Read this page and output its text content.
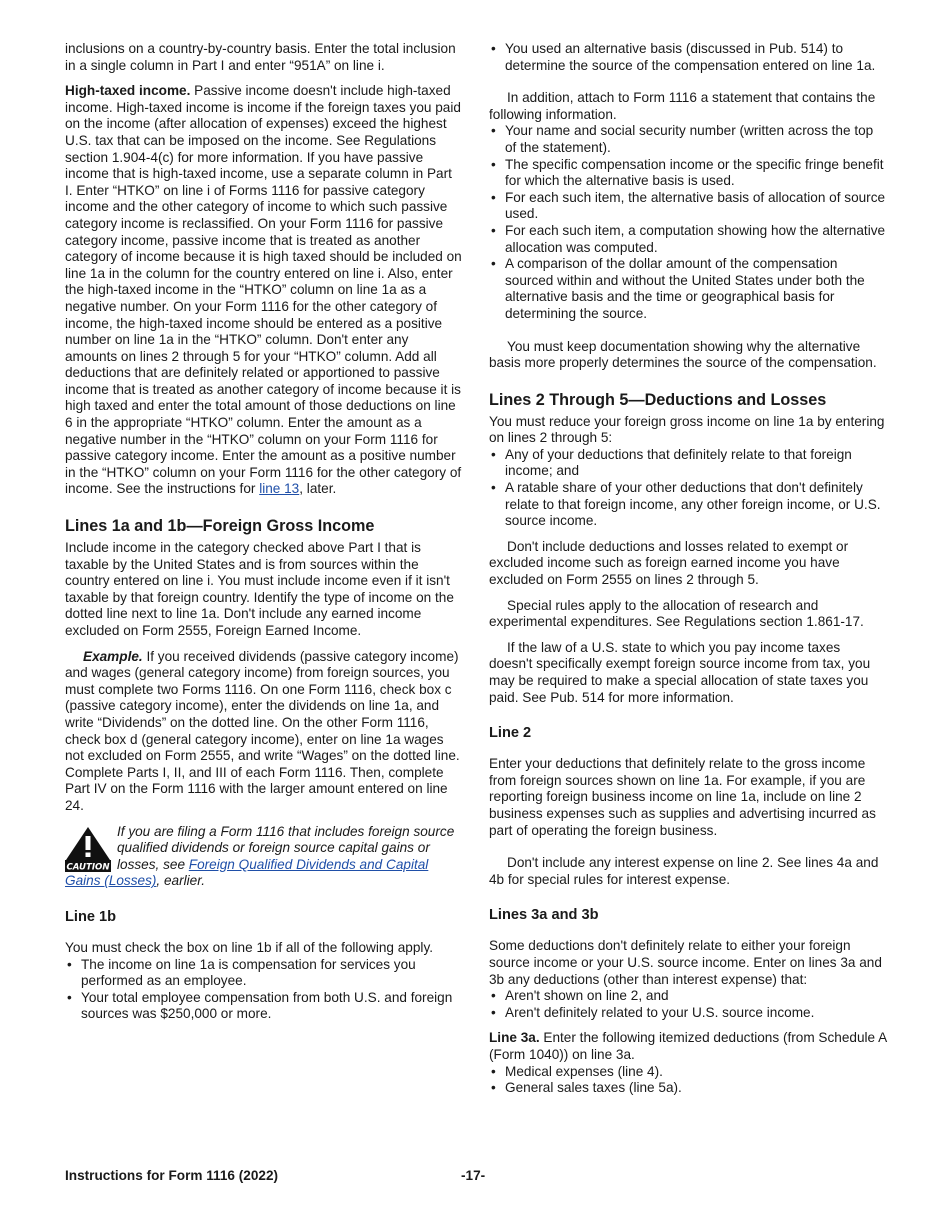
inclusions on a country-by-country basis. Enter the total inclusion in a single column in Part I and enter “951A” on line i.

High-taxed income. Passive income doesn't include high-taxed income. High-taxed income is income if the foreign taxes you paid on the income (after allocation of expenses) exceed the highest U.S. tax that can be imposed on the income. See Regulations section 1.904-4(c) for more information. If you have passive income that is high-taxed income, use a separate column in Part I. Enter “HTKO” on line i of Forms 1116 for passive category income and the other category of income to which such passive category income is reclassified. On your Form 1116 for passive category income, passive income that is treated as another category of income because it is high taxed should be included on line 1a in the column for the country entered on line i. Also, enter the high-taxed income in the “HTKO” column on line 1a as a negative number. On your Form 1116 for the other category of income, the high-taxed income should be entered as a positive number on line 1a in the “HTKO” column. Don't enter any amounts on lines 2 through 5 for your “HTKO” column. Add all deductions that are definitely related or apportioned to passive income that is treated as another category of income because it is high taxed and enter the total amount of those deductions on line 6 in the appropriate “HTKO” column. Enter the amount as a negative number in the “HTKO” column on your Form 1116 for passive category income. Enter the amount as a positive number in the “HTKO” column on your Form 1116 for the other category of income. See the instructions for line 13, later.

Lines 1a and 1b—Foreign Gross Income

Include income in the category checked above Part I that is taxable by the United States and is from sources within the country entered on line i. You must include income even if it isn't taxable by that foreign country. Identify the type of income on the dotted line next to line 1a. Don't include any earned income excluded on Form 2555, Foreign Earned Income.

Example. If you received dividends (passive category income) and wages (general category income) from foreign sources, you must complete two Forms 1116. On one Form 1116, check box c (passive category income), enter the dividends on line 1a, and write “Dividends” on the dotted line. On the other Form 1116, check box d (general category income), enter on line 1a wages not excluded on Form 2555, and write “Wages” on the dotted line. Complete Parts I, II, and III of each Form 1116. Then, complete Part IV on the Form 1116 with the larger amount entered on line 24.

CAUTION
If you are filing a Form 1116 that includes foreign source qualified dividends or foreign source capital gains or losses, see Foreign Qualified Dividends and Capital Gains (Losses), earlier.
Line 1b

You must check the box on line 1b if all of the following apply.

• The income on line 1a is compensation for services you performed as an employee.
• Your total employee compensation from both U.S. and foreign sources was $250,000 or more.
• You used an alternative basis (discussed in Pub. 514) to determine the source of the compensation entered on line 1a.

In addition, attach to Form 1116 a statement that contains the following information.

• Your name and social security number (written across the top of the statement).
• The specific compensation income or the specific fringe benefit for which the alternative basis is used.
• For each such item, the alternative basis of allocation of source used.
• For each such item, a computation showing how the alternative allocation was computed.
• A comparison of the dollar amount of the compensation sourced within and without the United States under both the alternative basis and the time or geographical basis for determining the source.

You must keep documentation showing why the alternative basis more properly determines the source of the compensation.

Lines 2 Through 5—Deductions and Losses

You must reduce your foreign gross income on line 1a by entering on lines 2 through 5:

• Any of your deductions that definitely relate to that foreign income; and
• A ratable share of your other deductions that don't definitely relate to that foreign income, any other foreign income, or U.S. source income.

Don't include deductions and losses related to exempt or excluded income such as foreign earned income you have excluded on Form 2555 on lines 2 through 5.

Special rules apply to the allocation of research and experimental expenditures. See Regulations section 1.861-17.

If the law of a U.S. state to which you pay income taxes doesn't specifically exempt foreign source income from tax, you may be required to make a special allocation of state taxes you paid. See Pub. 514 for more information.

Line 2

Enter your deductions that definitely relate to the gross income from foreign sources shown on line 1a. For example, if you are reporting foreign business income on line 1a, include on line 2 business expenses such as supplies and advertising incurred as part of operating the foreign business.

Don't include any interest expense on line 2. See lines 4a and 4b for special rules for interest expense.

Lines 3a and 3b

Some deductions don't definitely relate to either your foreign source income or your U.S. source income. Enter on lines 3a and 3b any deductions (other than interest expense) that:

• Aren't shown on line 2, and
• Aren't definitely related to your U.S. source income.

Line 3a. Enter the following itemized deductions (from Schedule A (Form 1040)) on line 3a.

• Medical expenses (line 4).
• General sales taxes (line 5a).
Instructions for Form 1116 (2022)	-17-
